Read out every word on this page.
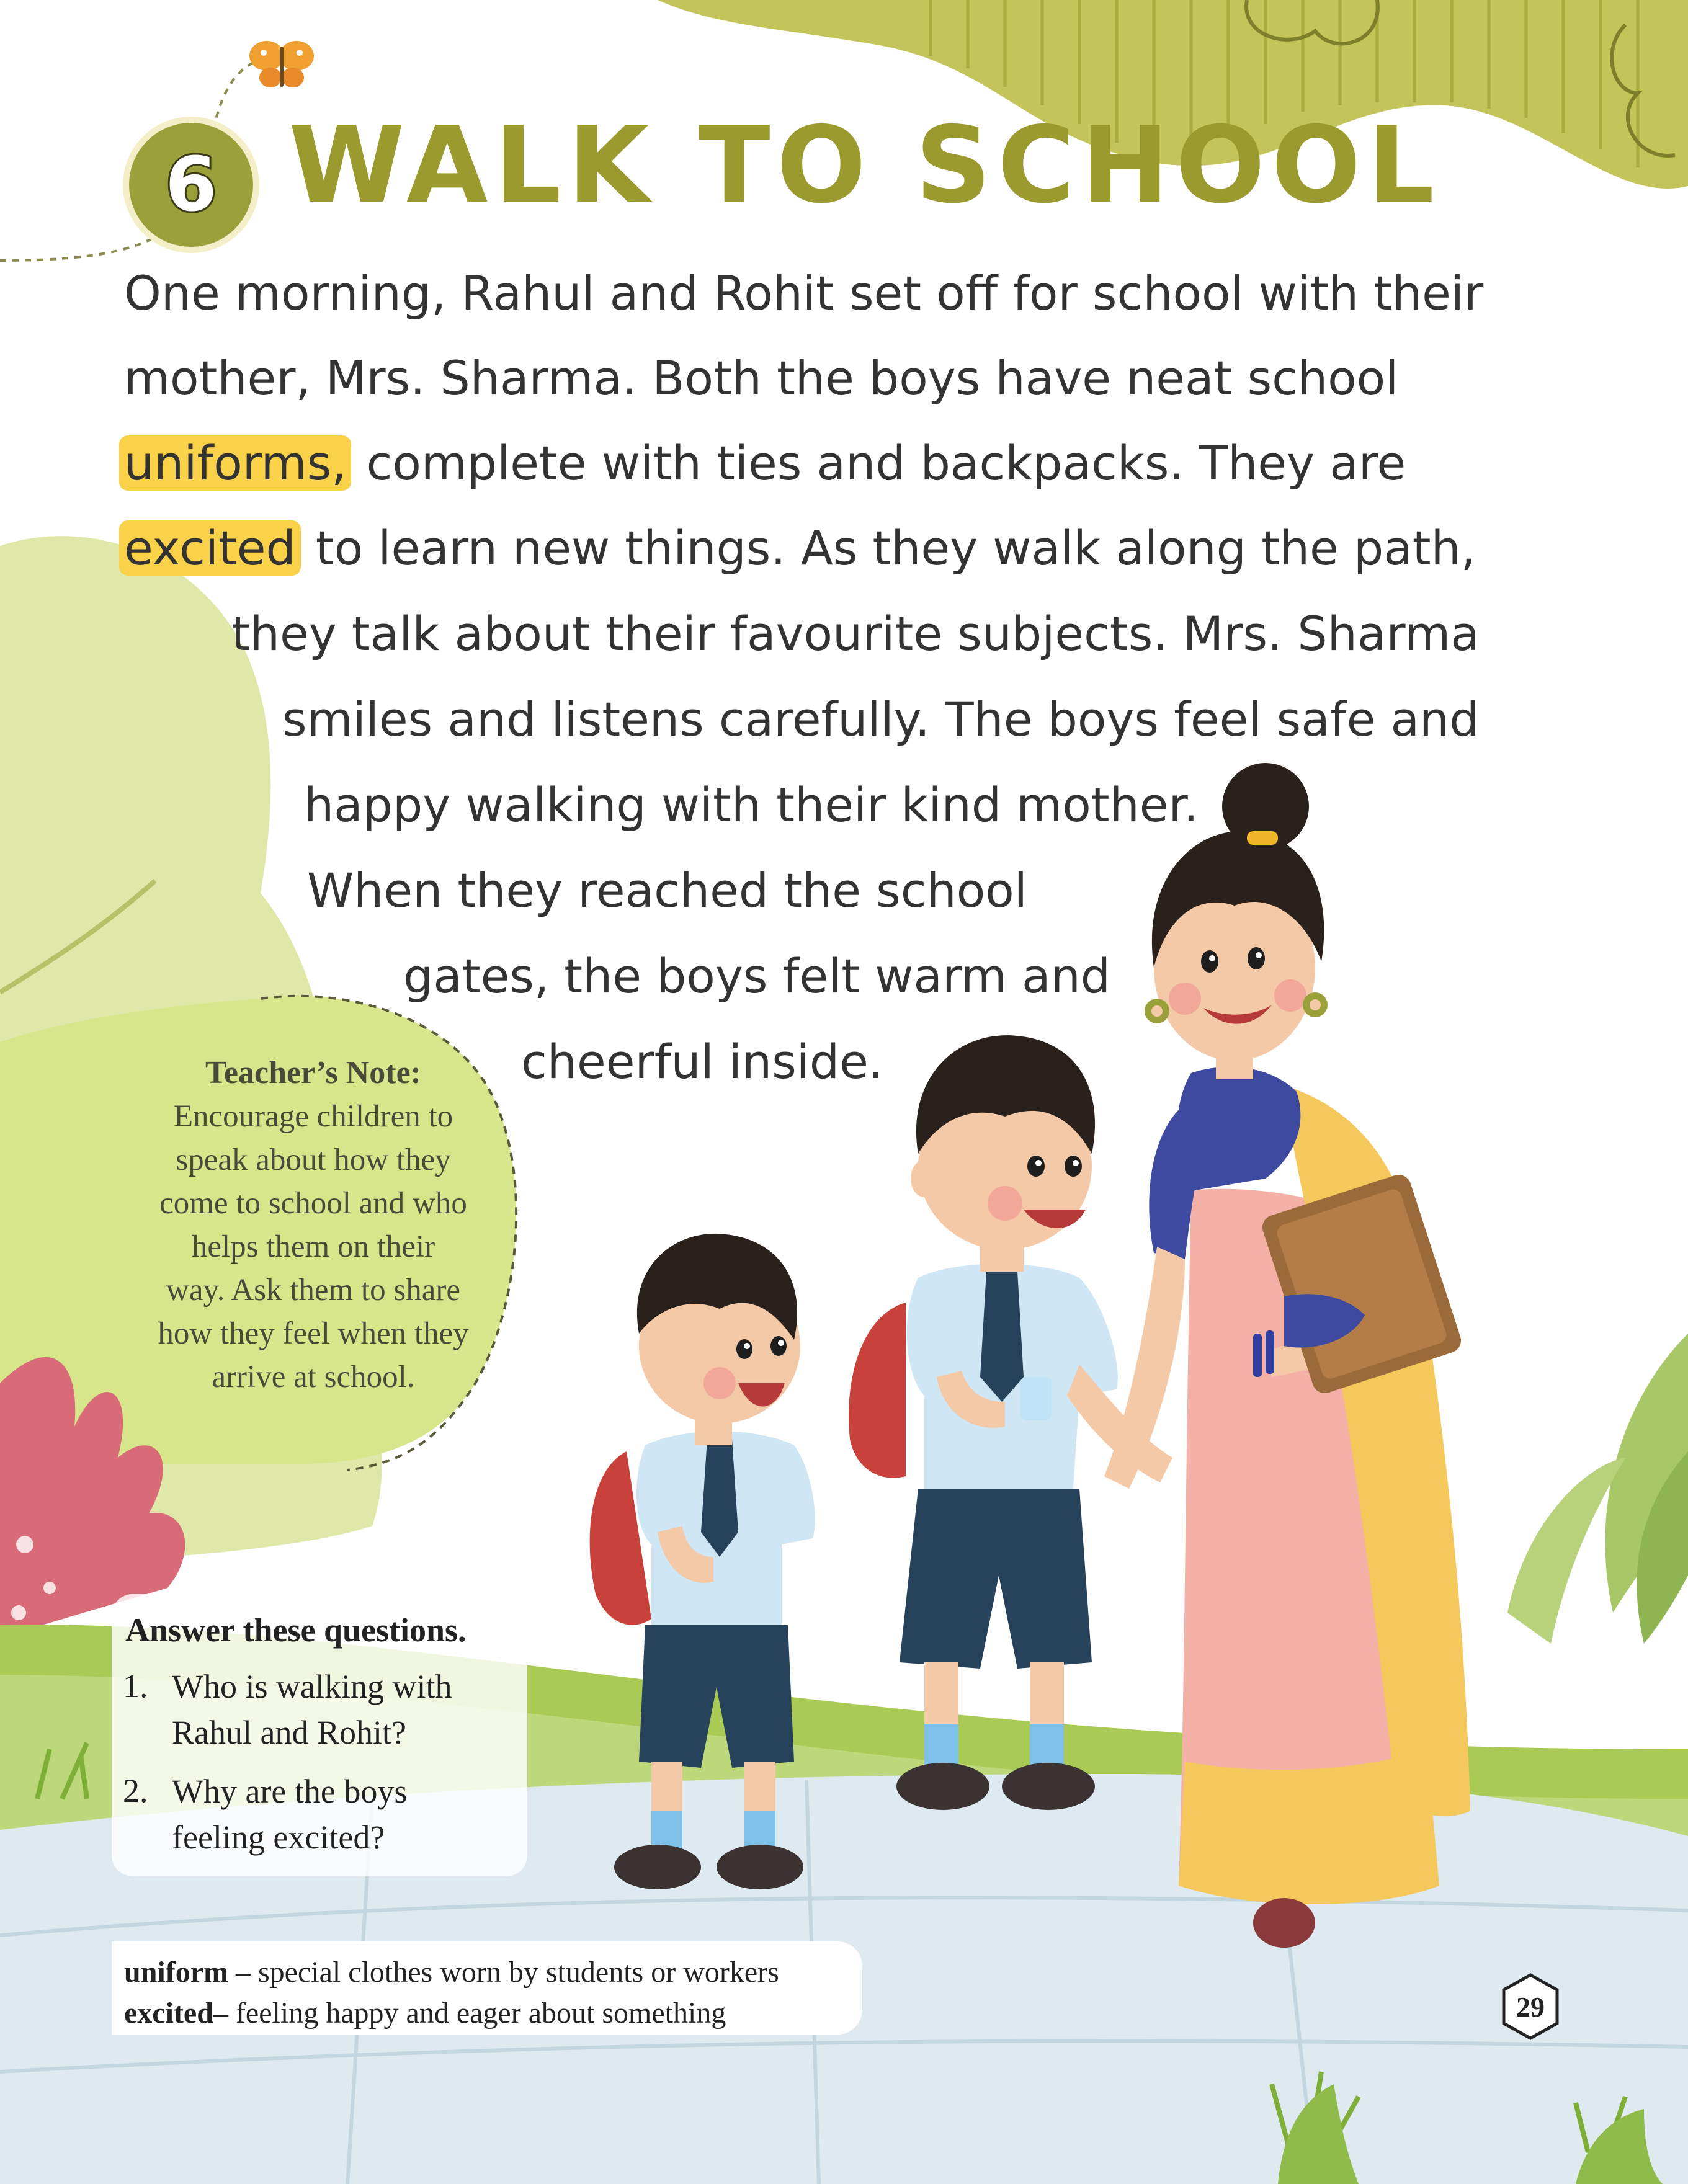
6 WALK TO SCHOOL
One morning, Rahul and Rohit set off for school with their
mother, Mrs. Sharma. Both the boys have neat school
uniforms, complete with ties and backpacks. They are
excited to learn new things. As they walk along the path,
they talk about their favourite subjects. Mrs. Sharma
smiles and listens carefully. The boys feel safe and
happy walking with their kind mother.
When they reached the school
gates, the boys felt warm and
cheerful inside.
Teacher’s Note:
Encourage children to
speak about how they
come to school and who
helps them on their
way. Ask them to share
how they feel when they
arrive at school.
Answer these questions.
1. Who is walking with
Rahul and Rohit?
2. Why are the boys
feeling excited?
uniform – special clothes worn by students or workers
excited– feeling happy and eager about something	29
